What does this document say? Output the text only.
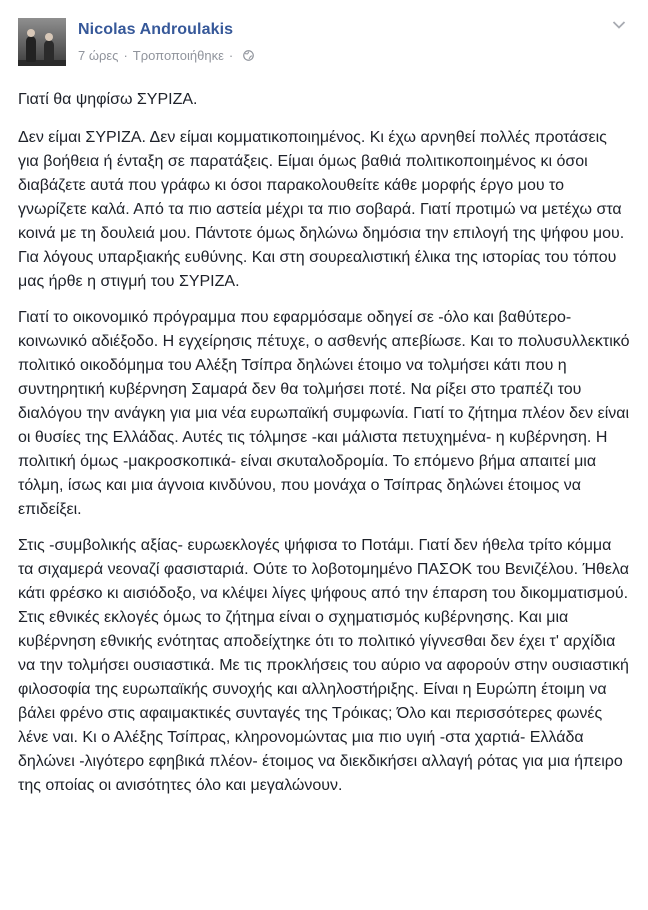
Nicolas Androulakis
7 ώρες · Τροποποιήθηκε ·

Γιατί θα ψηφίσω ΣΥΡΙΖΑ.

Δεν είμαι ΣΥΡΙΖΑ. Δεν είμαι κομματικοποιημένος. Κι έχω αρνηθεί πολλές προτάσεις για βοήθεια ή ένταξη σε παρατάξεις. Είμαι όμως βαθιά πολιτικοποιημένος κι όσοι διαβάζετε αυτά που γράφω κι όσοι παρακολουθείτε κάθε μορφής έργο μου το γνωρίζετε καλά. Από τα πιο αστεία μέχρι τα πιο σοβαρά. Γιατί προτιμώ να μετέχω στα κοινά με τη δουλειά μου. Πάντοτε όμως δηλώνω δημόσια την επιλογή της ψήφου μου. Για λόγους υπαρξιακής ευθύνης. Και στη σουρεαλιστική έλικα της ιστορίας του τόπου μας ήρθε η στιγμή του ΣΥΡΙΖΑ.

Γιατί το οικονομικό πρόγραμμα που εφαρμόσαμε οδηγεί σε -όλο και βαθύτερο- κοινωνικό αδιέξοδο. Η εγχείρησις πέτυχε, ο ασθενής απεβίωσε. Και το πολυσυλλεκτικό πολιτικό οικοδόμημα του Αλέξη Τσίπρα δηλώνει έτοιμο να τολμήσει κάτι που η συντηρητική κυβέρνηση Σαμαρά δεν θα τολμήσει ποτέ. Να ρίξει στο τραπέζι του διαλόγου την ανάγκη για μια νέα ευρωπαϊκή συμφωνία. Γιατί το ζήτημα πλέον δεν είναι οι θυσίες της Ελλάδας. Αυτές τις τόλμησε -και μάλιστα πετυχημένα- η κυβέρνηση. Η πολιτική όμως -μακροσκοπικά- είναι σκυταλοδρομία. Το επόμενο βήμα απαιτεί μια τόλμη, ίσως και μια άγνοια κινδύνου, που μονάχα ο Τσίπρας δηλώνει έτοιμος να επιδείξει.

Στις -συμβολικής αξίας- ευρωεκλογές ψήφισα το Ποτάμι. Γιατί δεν ήθελα τρίτο κόμμα τα σιχαμερά νεοναζί φασισταριά. Ούτε το λοβοτομημένο ΠΑΣΟΚ του Βενιζέλου. Ήθελα κάτι φρέσκο κι αισιόδοξο, να κλέψει λίγες ψήφους από την έπαρση του δικομματισμού. Στις εθνικές εκλογές όμως το ζήτημα είναι ο σχηματισμός κυβέρνησης. Και μια κυβέρνηση εθνικής ενότητας αποδείχτηκε ότι το πολιτικό γίγνεσθαι δεν έχει τ' αρχίδια να την τολμήσει ουσιαστικά. Με τις προκλήσεις του αύριο να αφορούν στην ουσιαστική φιλοσοφία της ευρωπαϊκής συνοχής και αλληλοστήριξης. Είναι η Ευρώπη έτοιμη να βάλει φρένο στις αφαιμακτικές συνταγές της Τρόικας; Όλο και περισσότερες φωνές λένε ναι. Κι ο Αλέξης Τσίπρας, κληρονομώντας μια πιο υγιή -στα χαρτιά- Ελλάδα δηλώνει -λιγότερο εφηβικά πλέον- έτοιμος να διεκδικήσει αλλαγή ρότας για μια ήπειρο της οποίας οι ανισότητες όλο και μεγαλώνουν.
